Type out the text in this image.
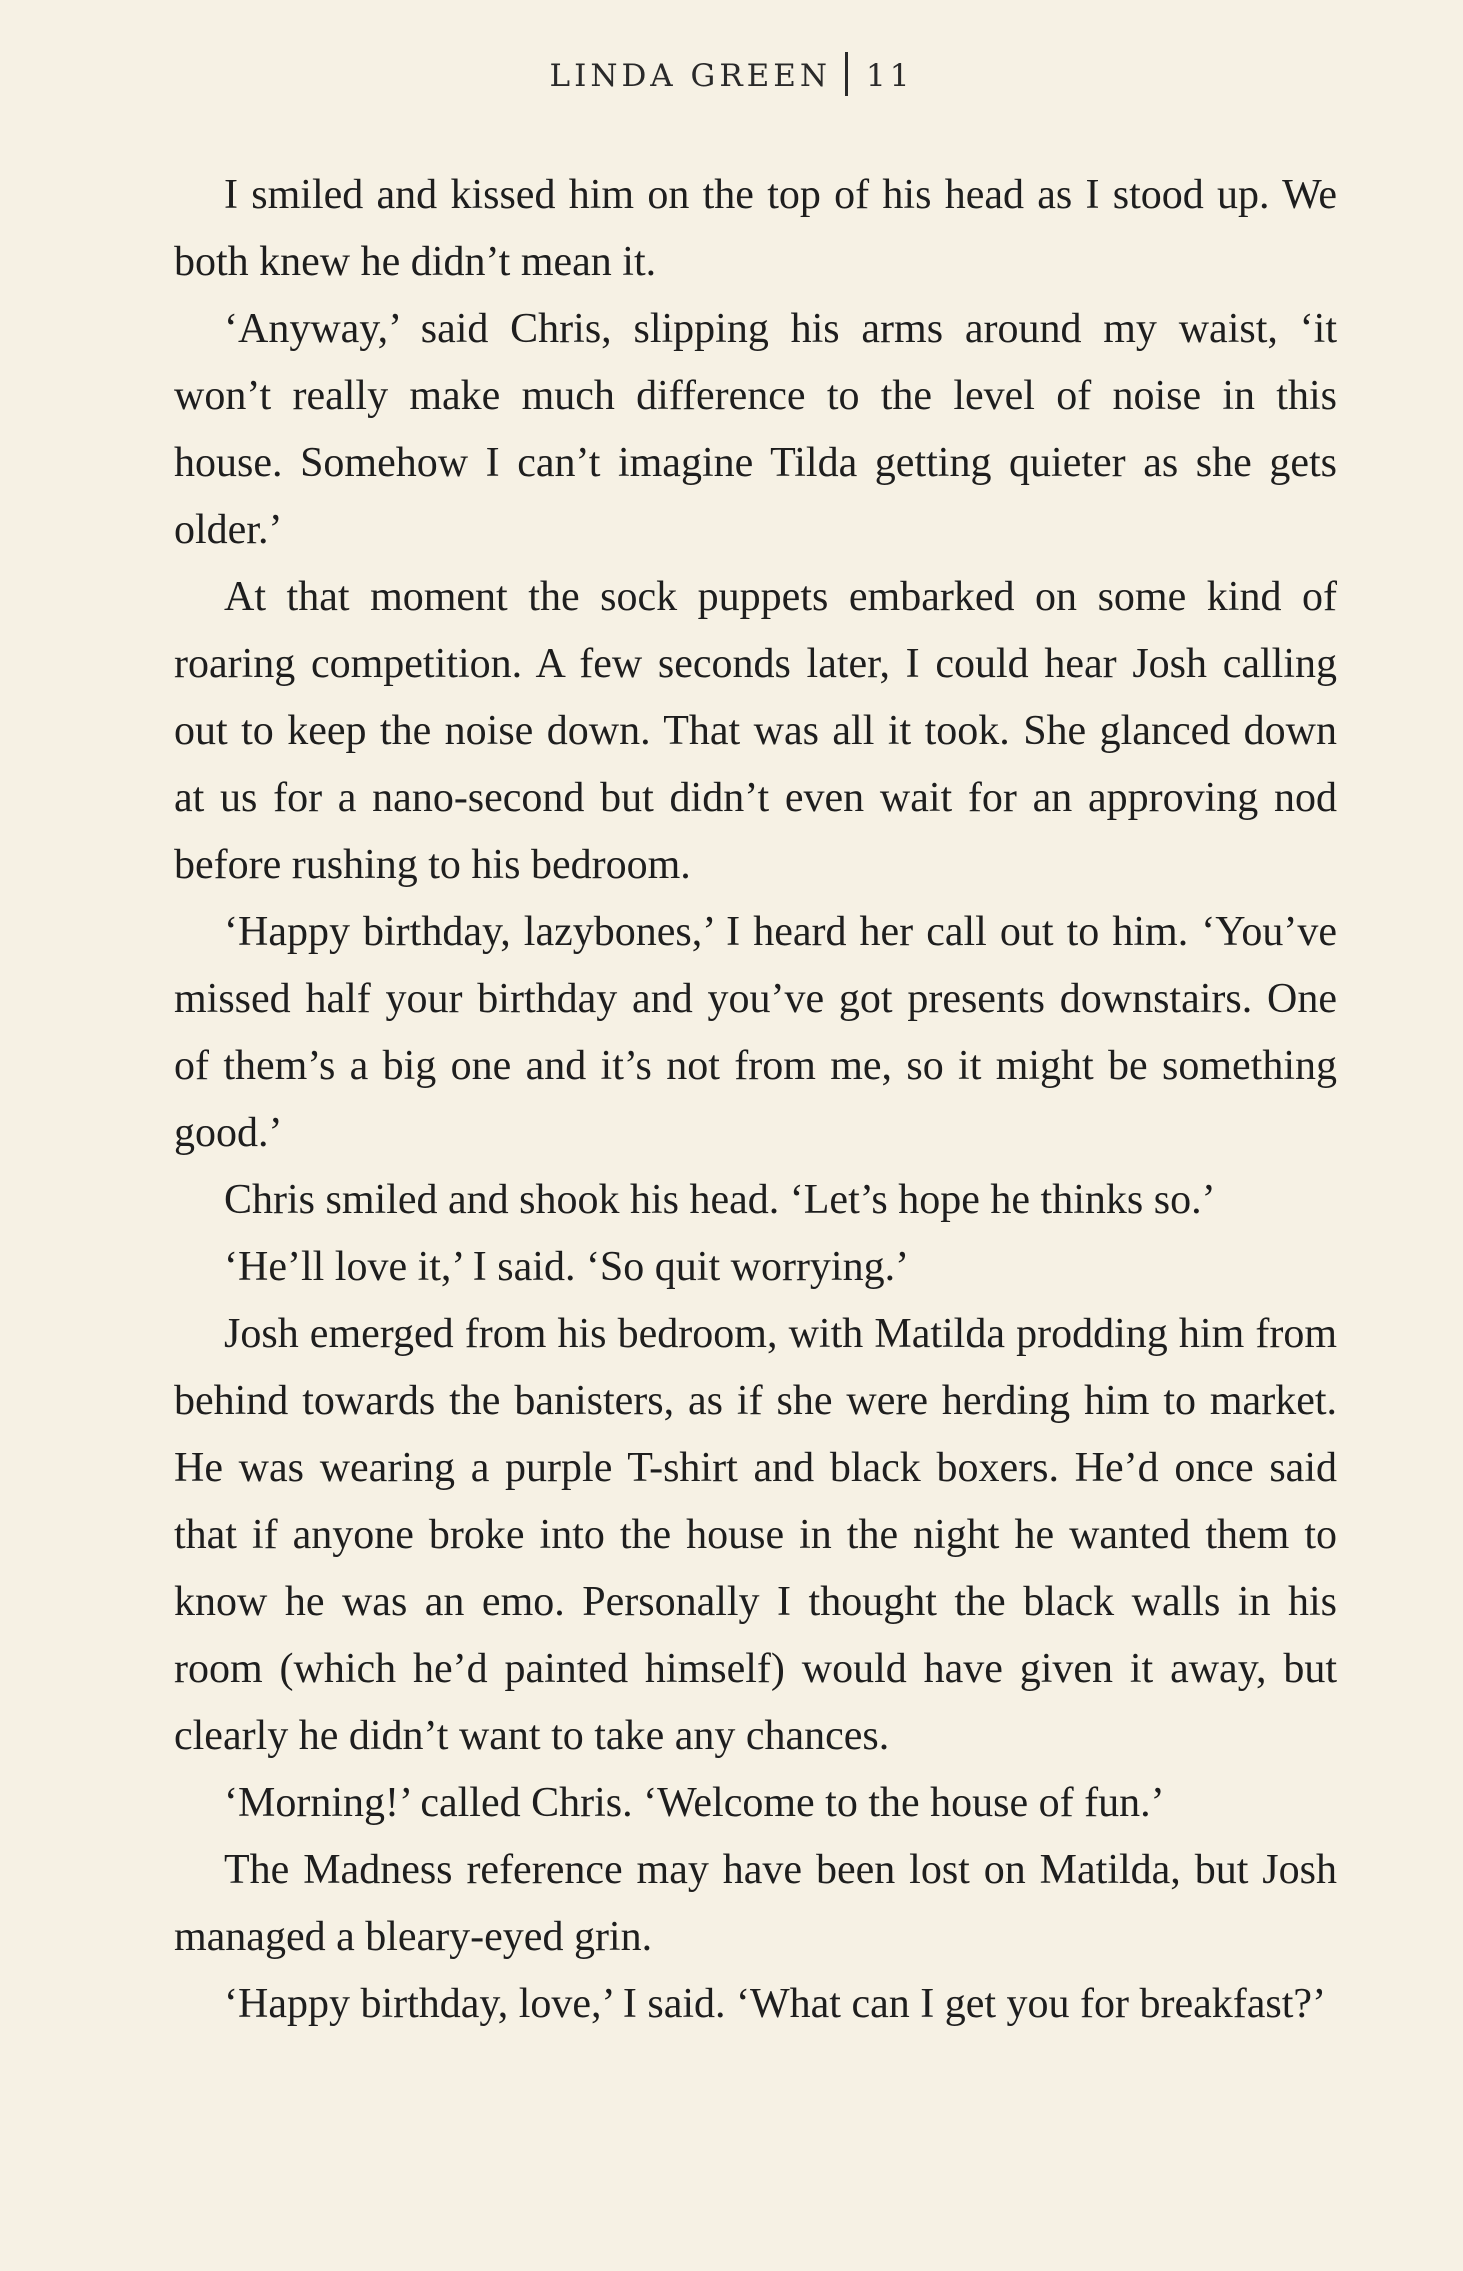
LINDA GREEN 11

I smiled and kissed him on the top of his head as I stood up. We both knew he didn’t mean it.

‘Anyway,’ said Chris, slipping his arms around my waist, ‘it won’t really make much difference to the level of noise in this house. Somehow I can’t imagine Tilda getting quieter as she gets older.’

At that moment the sock puppets embarked on some kind of roaring competition. A few seconds later, I could hear Josh calling out to keep the noise down. That was all it took. She glanced down at us for a nano-second but didn’t even wait for an approving nod before rushing to his bedroom.

‘Happy birthday, lazybones,’ I heard her call out to him. ‘You’ve missed half your birthday and you’ve got presents downstairs. One of them’s a big one and it’s not from me, so it might be something good.’

Chris smiled and shook his head. ‘Let’s hope he thinks so.’

‘He’ll love it,’ I said. ‘So quit worrying.’

Josh emerged from his bedroom, with Matilda prodding him from behind towards the banisters, as if she were herding him to market. He was wearing a purple T-shirt and black boxers. He’d once said that if anyone broke into the house in the night he wanted them to know he was an emo. Personally I thought the black walls in his room (which he’d painted himself) would have given it away, but clearly he didn’t want to take any chances.

‘Morning!’ called Chris. ‘Welcome to the house of fun.’

The Madness reference may have been lost on Matilda, but Josh managed a bleary-eyed grin.

‘Happy birthday, love,’ I said. ‘What can I get you for breakfast?’
